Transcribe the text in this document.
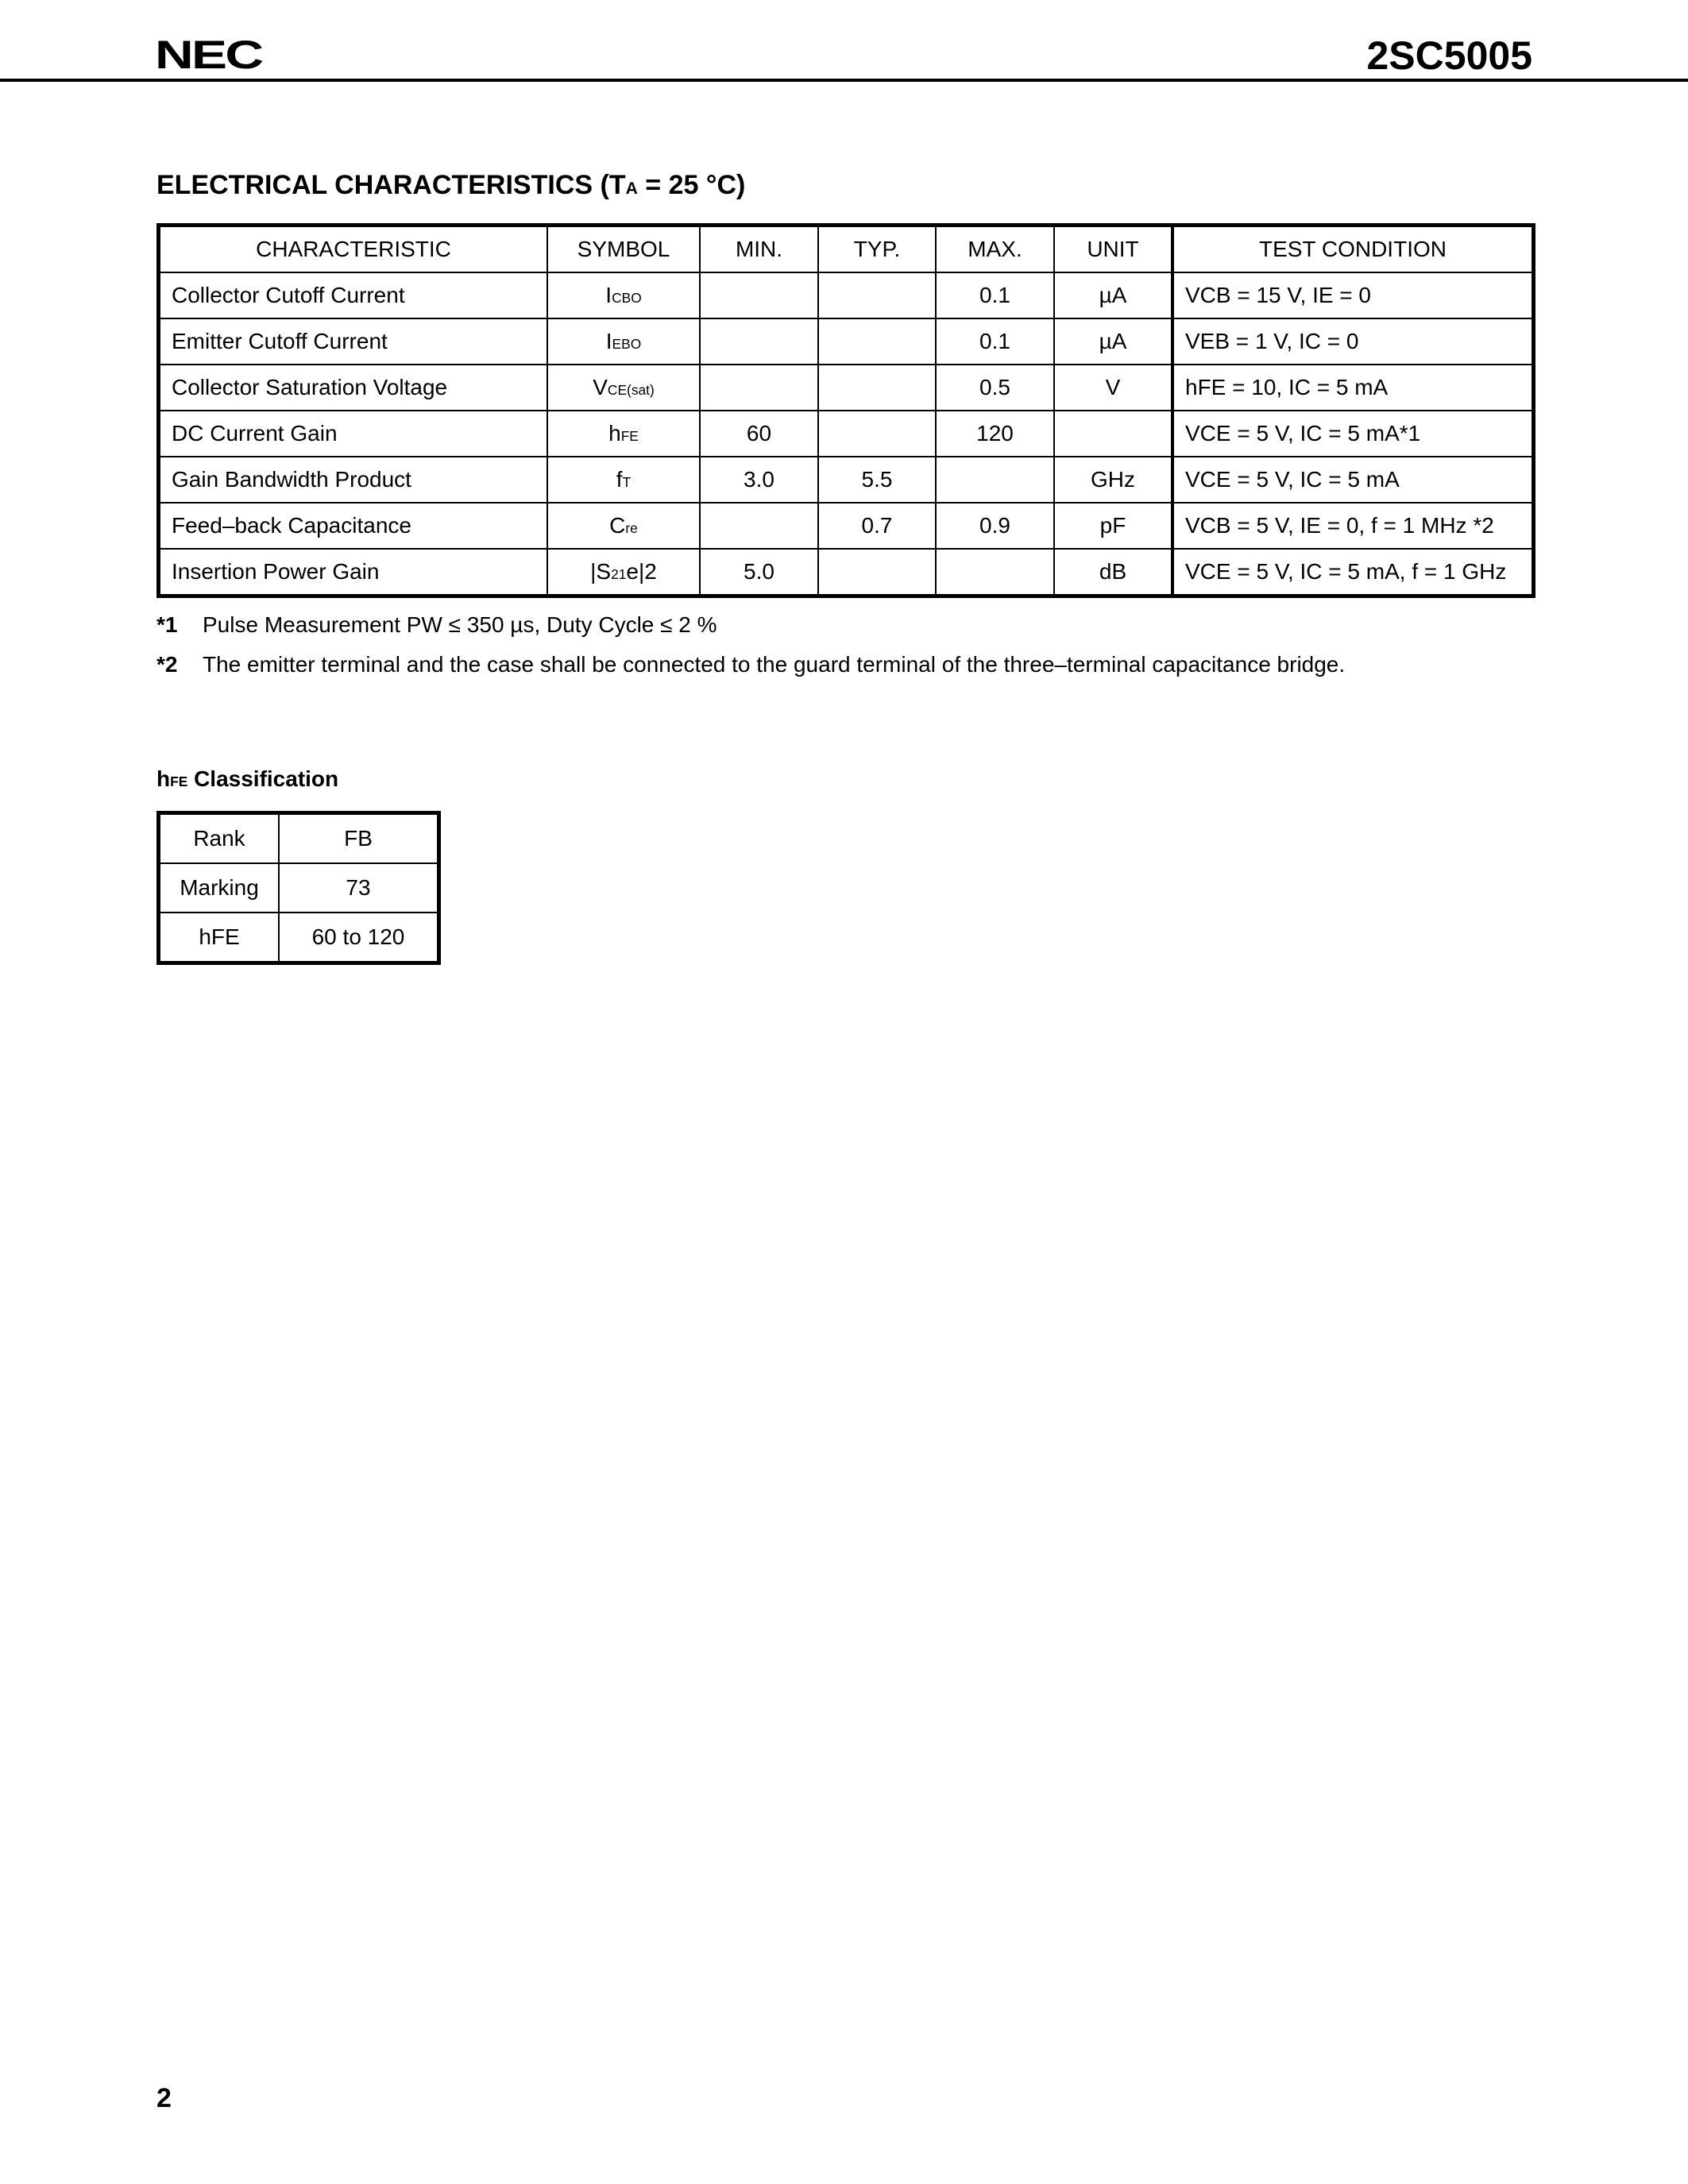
NEC	2SC5005
ELECTRICAL CHARACTERISTICS (TA = 25 °C)
CHARACTERISTIC	SYMBOL	MIN.	TYP.	MAX.	UNIT	TEST CONDITION
Collector Cutoff Current	ICBO			0.1	µA	VCB = 15 V, IE = 0
Emitter Cutoff Current	IEBO			0.1	µA	VEB = 1 V, IC = 0
Collector Saturation Voltage	VCE(sat)			0.5	V	hFE = 10, IC = 5 mA
DC Current Gain	hFE	60		120		VCE = 5 V, IC = 5 mA*1
Gain Bandwidth Product	fT	3.0	5.5		GHz	VCE = 5 V, IC = 5 mA
Feed–back Capacitance	Cre		0.7	0.9	pF	VCB = 5 V, IE = 0, f = 1 MHz *2
Insertion Power Gain	|S21e|2	5.0			dB	VCE = 5 V, IC = 5 mA, f = 1 GHz
*1	Pulse Measurement PW ≤ 350 µs, Duty Cycle ≤ 2 %
*2	The emitter terminal and the case shall be connected to the guard terminal of the three–terminal capacitance bridge.
hFE Classification
Rank	FB
Marking	73
hFE	60 to 120
2
